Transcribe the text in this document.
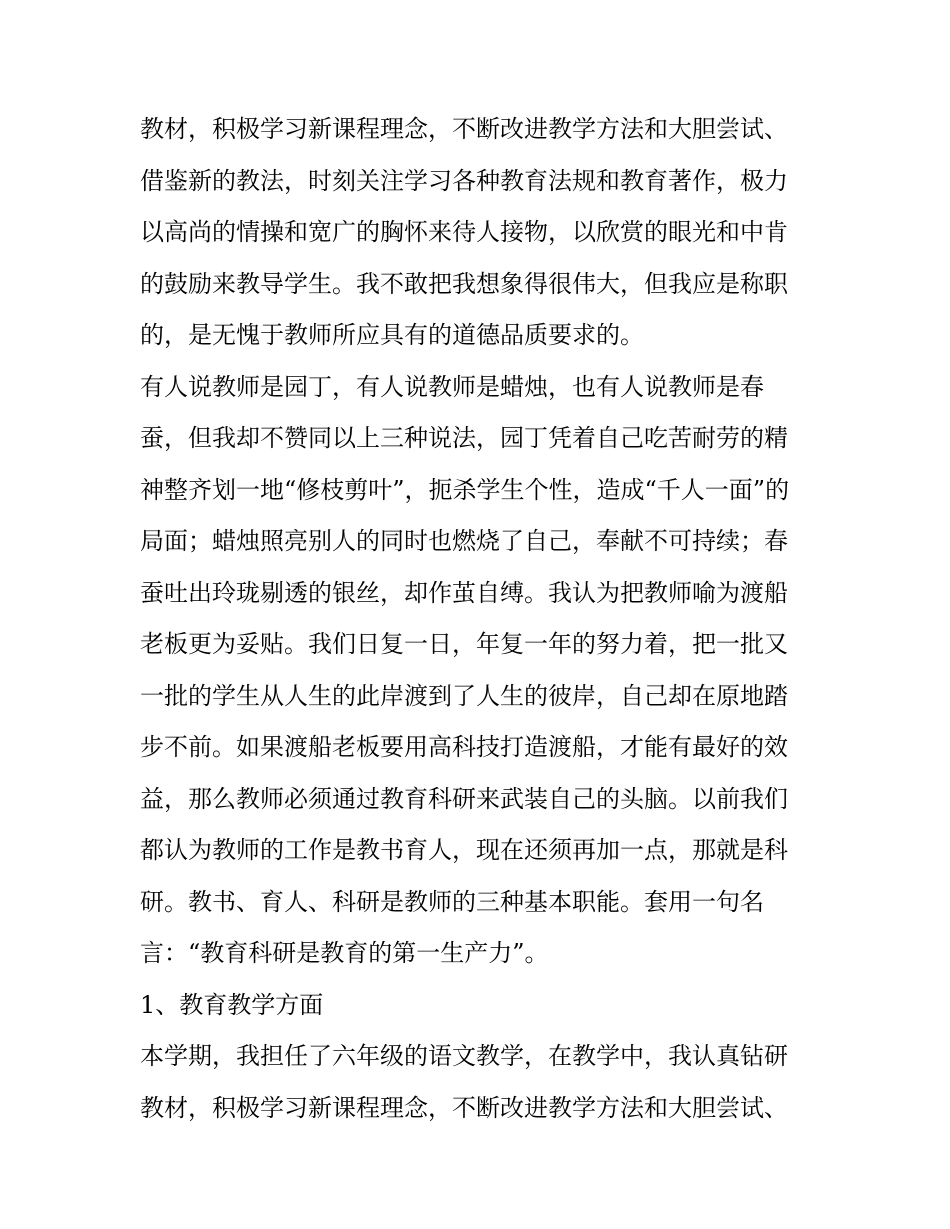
教材，积极学习新课程理念，不断改进教学方法和大胆尝试、
借鉴新的教法，时刻关注学习各种教育法规和教育著作，极力
以高尚的情操和宽广的胸怀来待人接物，以欣赏的眼光和中肯
的鼓励来教导学生。我不敢把我想象得很伟大，但我应是称职
的，是无愧于教师所应具有的道德品质要求的。
有人说教师是园丁，有人说教师是蜡烛，也有人说教师是春
蚕，但我却不赞同以上三种说法，园丁凭着自己吃苦耐劳的精
神整齐划一地“修枝剪叶”，扼杀学生个性，造成“千人一面”的
局面；蜡烛照亮别人的同时也燃烧了自己，奉献不可持续；春
蚕吐出玲珑剔透的银丝，却作茧自缚。我认为把教师喻为渡船
老板更为妥贴。我们日复一日，年复一年的努力着，把一批又
一批的学生从人生的此岸渡到了人生的彼岸，自己却在原地踏
步不前。如果渡船老板要用高科技打造渡船，才能有最好的效
益，那么教师必须通过教育科研来武装自己的头脑。以前我们
都认为教师的工作是教书育人，现在还须再加一点，那就是科
研。教书、育人、科研是教师的三种基本职能。套用一句名
言：“教育科研是教育的第一生产力”。
1、教育教学方面
本学期，我担任了六年级的语文教学，在教学中，我认真钻研
教材，积极学习新课程理念，不断改进教学方法和大胆尝试、
